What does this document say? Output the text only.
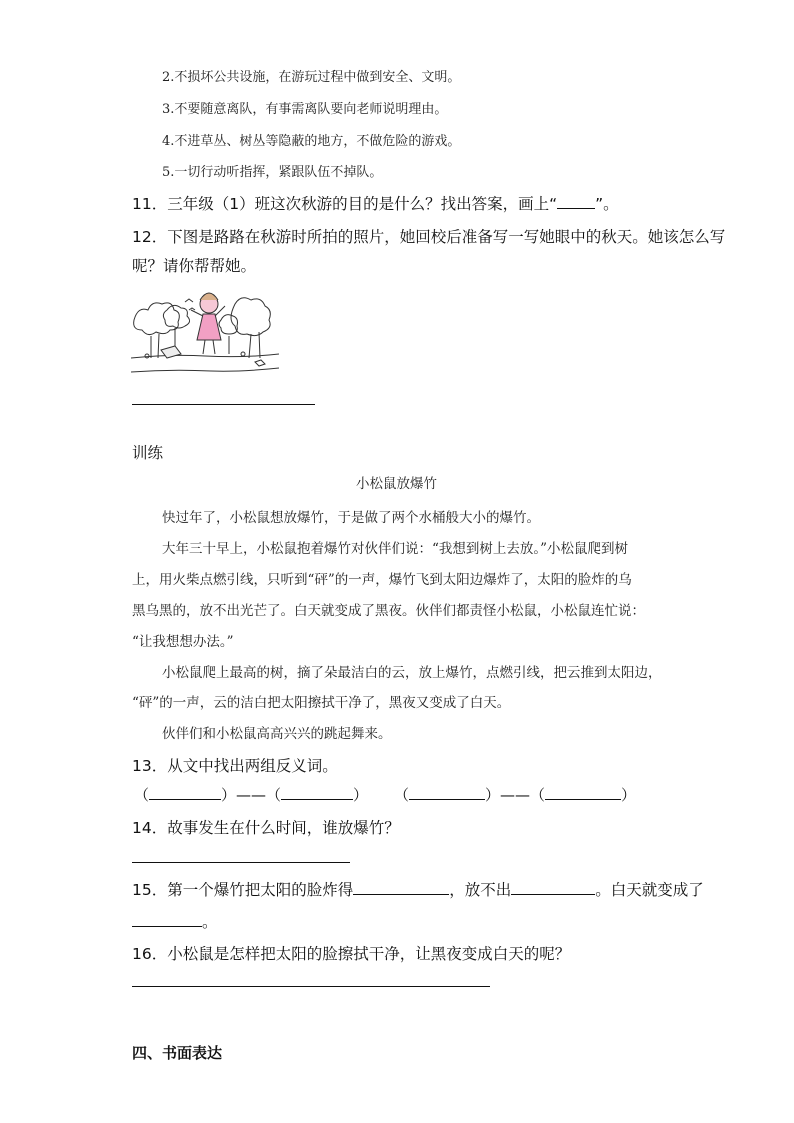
2.不损坏公共设施，在游玩过程中做到安全、文明。
3.不要随意离队，有事需离队要向老师说明理由。
4.不进草丛、树丛等隐蔽的地方，不做危险的游戏。
5.一切行动听指挥，紧跟队伍不掉队。
11．三年级（1）班这次秋游的目的是什么？找出答案，画上“ ”。
12．下图是路路在秋游时所拍的照片，她回校后准备写一写她眼中的秋天。她该怎么写
呢？请你帮帮她。
训练
小松鼠放爆竹
快过年了，小松鼠想放爆竹，于是做了两个水桶般大小的爆竹。
大年三十早上，小松鼠抱着爆竹对伙伴们说：“我想到树上去放。”小松鼠爬到树
上，用火柴点燃引线，只听到“砰”的一声，爆竹飞到太阳边爆炸了，太阳的脸炸的乌
黑乌黑的，放不出光芒了。白天就变成了黑夜。伙伴们都责怪小松鼠，小松鼠连忙说：
“让我想想办法。”
小松鼠爬上最高的树，摘了朵最洁白的云，放上爆竹，点燃引线，把云推到太阳边，
“砰”的一声，云的洁白把太阳擦拭干净了，黑夜又变成了白天。
伙伴们和小松鼠高高兴兴的跳起舞来。
13．从文中找出两组反义词。
（	）——（	） （	）——（	）
14．故事发生在什么时间，谁放爆竹？
15．第一个爆竹把太阳的脸炸得	，放不出	。白天就变成了
。
16．小松鼠是怎样把太阳的脸擦拭干净，让黑夜变成白天的呢？
四、书面表达
